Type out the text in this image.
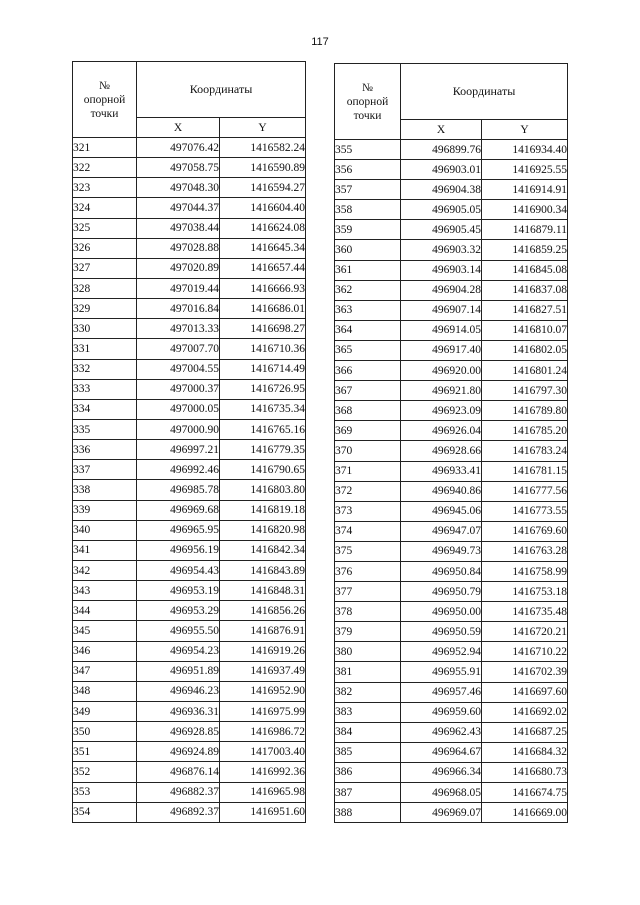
117
№
опорной
точки	Координаты	
	X	Y
321	497076.42	1416582.24
322	497058.75	1416590.89
323	497048.30	1416594.27
324	497044.37	1416604.40
325	497038.44	1416624.08
326	497028.88	1416645.34
327	497020.89	1416657.44
328	497019.44	1416666.93
329	497016.84	1416686.01
330	497013.33	1416698.27
331	497007.70	1416710.36
332	497004.55	1416714.49
333	497000.37	1416726.95
334	497000.05	1416735.34
335	497000.90	1416765.16
336	496997.21	1416779.35
337	496992.46	1416790.65
338	496985.78	1416803.80
339	496969.68	1416819.18
340	496965.95	1416820.98
341	496956.19	1416842.34
342	496954.43	1416843.89
343	496953.19	1416848.31
344	496953.29	1416856.26
345	496955.50	1416876.91
346	496954.23	1416919.26
347	496951.89	1416937.49
348	496946.23	1416952.90
349	496936.31	1416975.99
350	496928.85	1416986.72
351	496924.89	1417003.40
352	496876.14	1416992.36
353	496882.37	1416965.98
354	496892.37	1416951.60
№
опорной
точки	Координаты	
	X	Y
355	496899.76	1416934.40
356	496903.01	1416925.55
357	496904.38	1416914.91
358	496905.05	1416900.34
359	496905.45	1416879.11
360	496903.32	1416859.25
361	496903.14	1416845.08
362	496904.28	1416837.08
363	496907.14	1416827.51
364	496914.05	1416810.07
365	496917.40	1416802.05
366	496920.00	1416801.24
367	496921.80	1416797.30
368	496923.09	1416789.80
369	496926.04	1416785.20
370	496928.66	1416783.24
371	496933.41	1416781.15
372	496940.86	1416777.56
373	496945.06	1416773.55
374	496947.07	1416769.60
375	496949.73	1416763.28
376	496950.84	1416758.99
377	496950.79	1416753.18
378	496950.00	1416735.48
379	496950.59	1416720.21
380	496952.94	1416710.22
381	496955.91	1416702.39
382	496957.46	1416697.60
383	496959.60	1416692.02
384	496962.43	1416687.25
385	496964.67	1416684.32
386	496966.34	1416680.73
387	496968.05	1416674.75
388	496969.07	1416669.00
